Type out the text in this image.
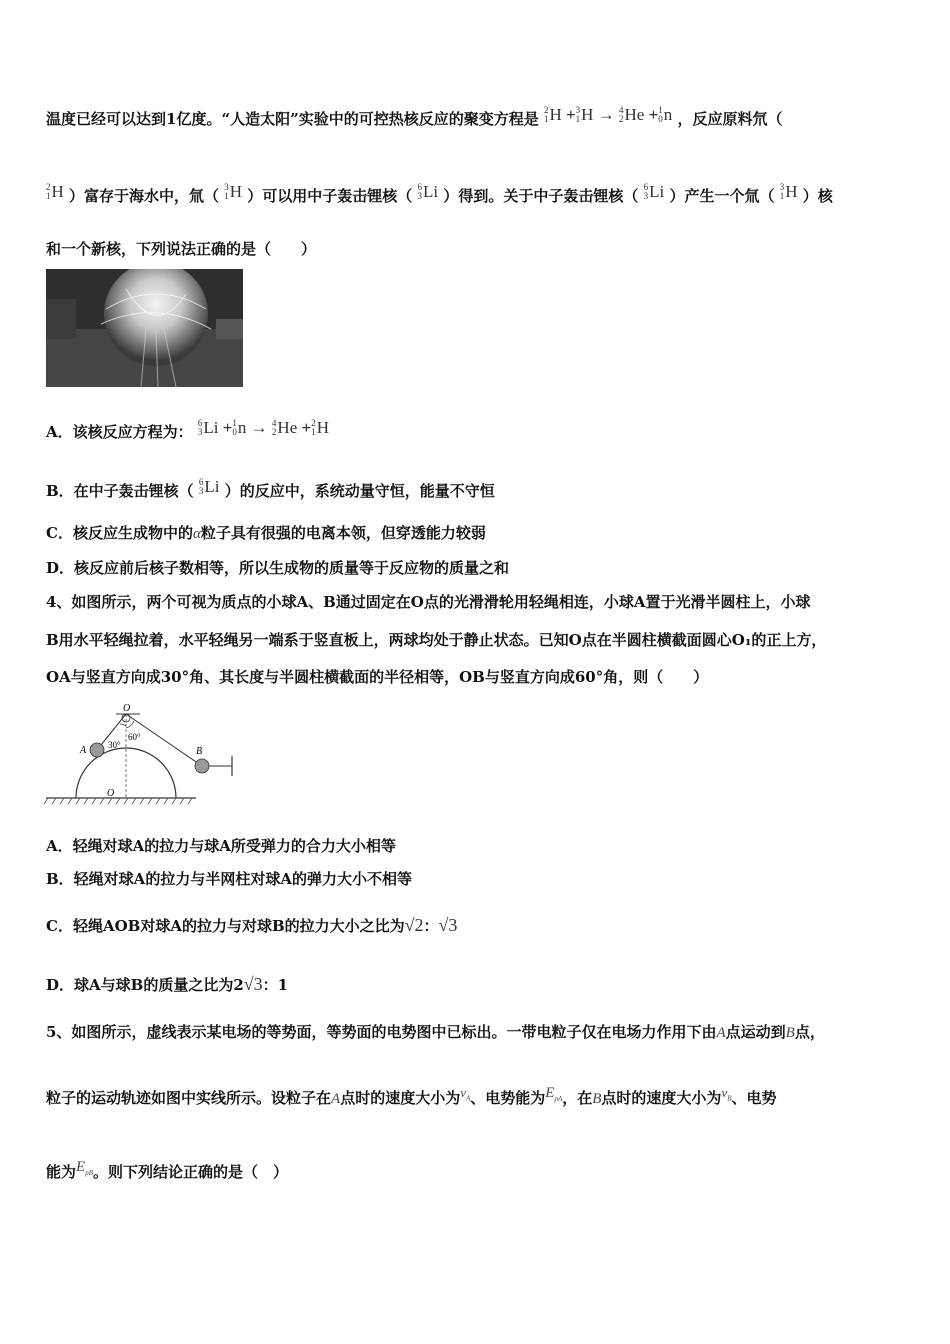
温度已经可以达到1亿度。“人造太阳”实验中的可控热核反应的聚变方程是 2
1 H + 3
1 H → 4
2 He + 1
0 n ，反应原料氘（
2
1 H ）富存于海水中，氚（ 3
1 H ）可以用中子轰击锂核（ 6
3 Li ）得到。关于中子轰击锂核（ 6
3 Li ）产生一个氚（ 3
1 H ）核
和一个新核，下列说法正确的是（　　）
A．该核反应方程为： 6
3 Li + 1
0 n → 4
2 He + 2
1 H
B．在中子轰击锂核（ 6
3 Li ）的反应中，系统动量守恒，能量不守恒
C．核反应生成物中的α粒子具有很强的电离本领，但穿透能力较弱
D．核反应前后核子数相等，所以生成物的质量等于反应物的质量之和
4、如图所示，两个可视为质点的小球A、B通过固定在O点的光滑滑轮用轻绳相连，小球A置于光滑半圆柱上，小球
B用水平轻绳拉着，水平轻绳另一端系于竖直板上，两球均处于静止状态。已知O点在半圆柱横截面圆心O₁的正上方，
OA与竖直方向成30°角、其长度与半圆柱横截面的半径相等，OB与竖直方向成60°角，则（　　）
O
A	B
O
30°
60°
A．轻绳对球A的拉力与球A所受弹力的合力大小相等
B．轻绳对球A的拉力与半网柱对球A的弹力大小不相等
C．轻绳AOB对球A的拉力与对球B的拉力大小之比为√2：√3
D．球A与球B的质量之比为2√3：1
5、如图所示，虚线表示某电场的等势面，等势面的电势图中已标出。一带电粒子仅在电场力作用下由A点运动到B点，
粒子的运动轨迹如图中实线所示。设粒子在A点时的速度大小为$v_A$、电势能为$E_{pA}$，在B点时的速度大小为$v_B$、电势
能为$E_{pB}$。则下列结论正确的是（　）
